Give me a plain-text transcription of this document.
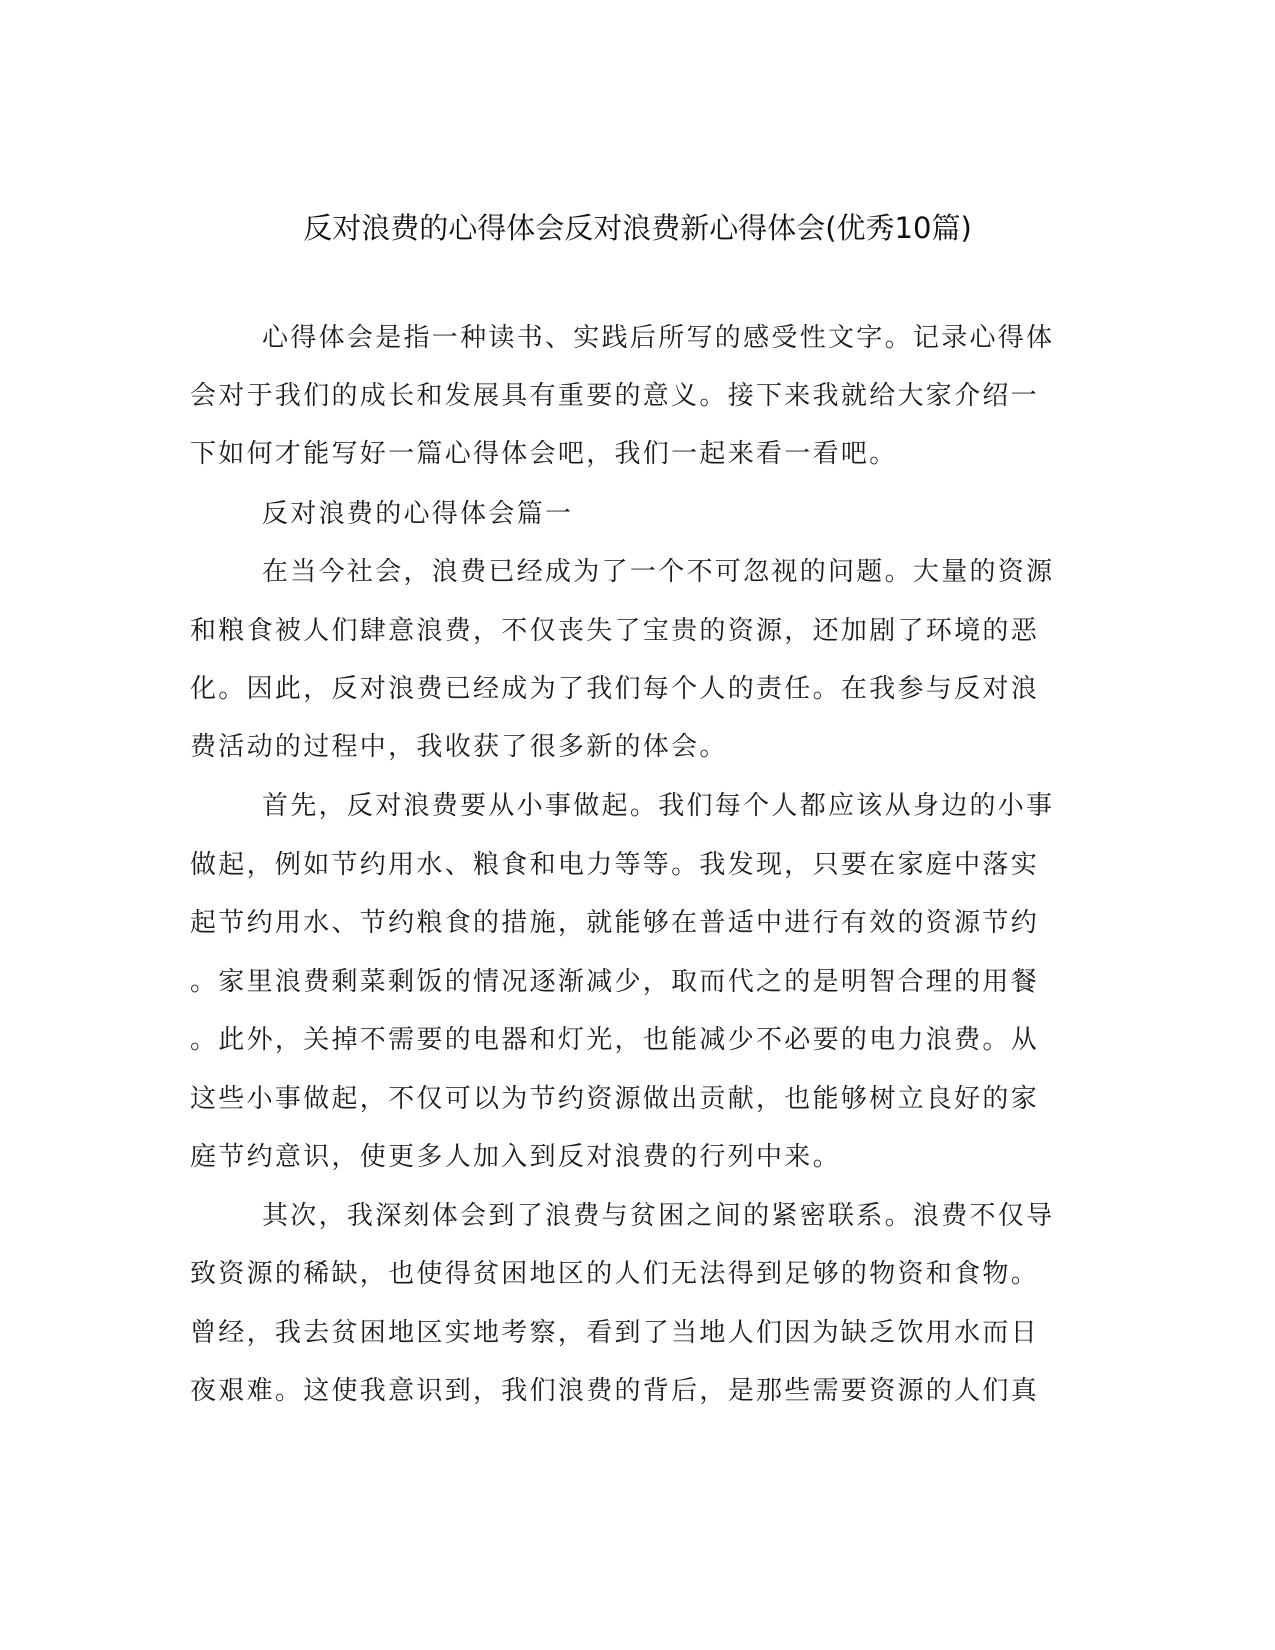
反对浪费的心得体会反对浪费新心得体会(优秀10篇)
心得体会是指一种读书、实践后所写的感受性文字。记录心得体
会对于我们的成长和发展具有重要的意义。接下来我就给大家介绍一
下如何才能写好一篇心得体会吧，我们一起来看一看吧。
反对浪费的心得体会篇一
在当今社会，浪费已经成为了一个不可忽视的问题。大量的资源
和粮食被人们肆意浪费，不仅丧失了宝贵的资源，还加剧了环境的恶
化。因此，反对浪费已经成为了我们每个人的责任。在我参与反对浪
费活动的过程中，我收获了很多新的体会。
首先，反对浪费要从小事做起。我们每个人都应该从身边的小事
做起，例如节约用水、粮食和电力等等。我发现，只要在家庭中落实
起节约用水、节约粮食的措施，就能够在普适中进行有效的资源节约
。家里浪费剩菜剩饭的情况逐渐减少，取而代之的是明智合理的用餐
。此外，关掉不需要的电器和灯光，也能减少不必要的电力浪费。从
这些小事做起，不仅可以为节约资源做出贡献，也能够树立良好的家
庭节约意识，使更多人加入到反对浪费的行列中来。
其次，我深刻体会到了浪费与贫困之间的紧密联系。浪费不仅导
致资源的稀缺，也使得贫困地区的人们无法得到足够的物资和食物。
曾经，我去贫困地区实地考察，看到了当地人们因为缺乏饮用水而日
夜艰难。这使我意识到，我们浪费的背后，是那些需要资源的人们真
